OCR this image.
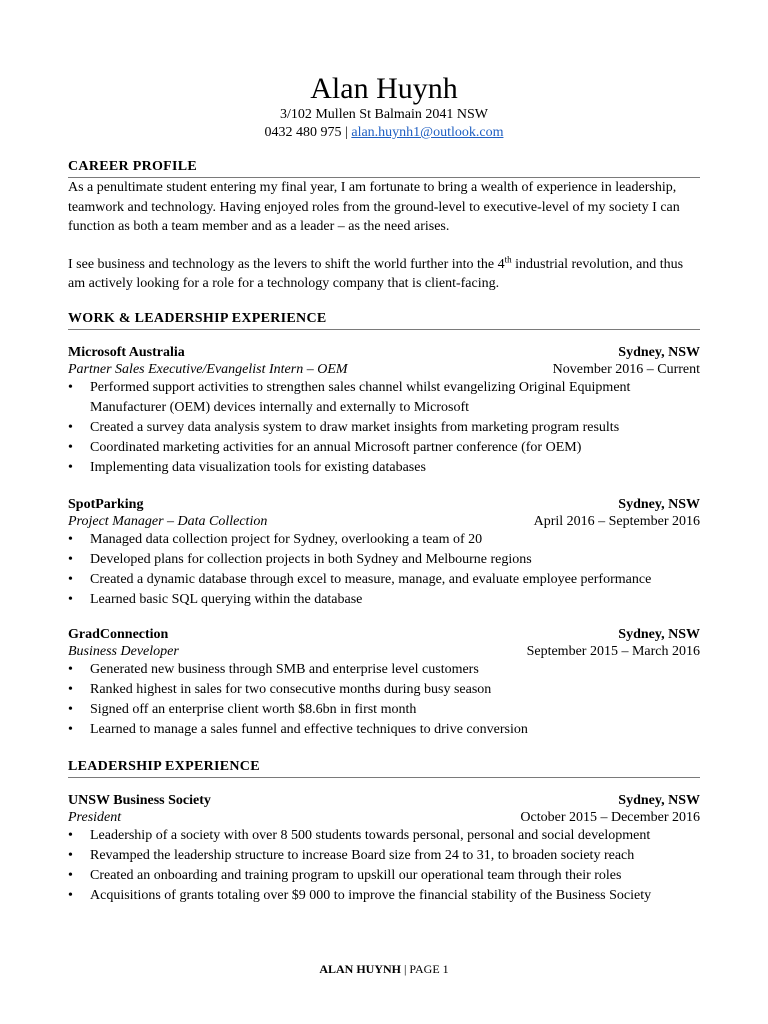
Alan Huynh
3/102 Mullen St Balmain 2041 NSW
0432 480 975 | alan.huynh1@outlook.com
CAREER PROFILE

As a penultimate student entering my final year, I am fortunate to bring a wealth of experience in leadership, teamwork and technology. Having enjoyed roles from the ground-level to executive-level of my society I can function as both a team member and as a leader – as the need arises.

I see business and technology as the levers to shift the world further into the 4th industrial revolution, and thus am actively looking for a role for a technology company that is client-facing.

WORK & LEADERSHIP EXPERIENCE
Microsoft Australia	Sydney, NSW
Partner Sales Executive/Evangelist Intern – OEM	November 2016 – Current
• Performed support activities to strengthen sales channel whilst evangelizing Original Equipment Manufacturer (OEM) devices internally and externally to Microsoft
• Created a survey data analysis system to draw market insights from marketing program results
• Coordinated marketing activities for an annual Microsoft partner conference (for OEM)
• Implementing data visualization tools for existing databases
SpotParking	Sydney, NSW
Project Manager – Data Collection	April 2016 – September 2016
• Managed data collection project for Sydney, overlooking a team of 20
• Developed plans for collection projects in both Sydney and Melbourne regions
• Created a dynamic database through excel to measure, manage, and evaluate employee performance
• Learned basic SQL querying within the database
GradConnection	Sydney, NSW
Business Developer	September 2015 – March 2016
• Generated new business through SMB and enterprise level customers
• Ranked highest in sales for two consecutive months during busy season
• Signed off an enterprise client worth $8.6bn in first month
• Learned to manage a sales funnel and effective techniques to drive conversion
LEADERSHIP EXPERIENCE
UNSW Business Society	Sydney, NSW
President	October 2015 – December 2016
• Leadership of a society with over 8 500 students towards personal, personal and social development
• Revamped the leadership structure to increase Board size from 24 to 31, to broaden society reach
• Created an onboarding and training program to upskill our operational team through their roles
• Acquisitions of grants totaling over $9 000 to improve the financial stability of the Business Society
ALAN HUYNH | PAGE 1
